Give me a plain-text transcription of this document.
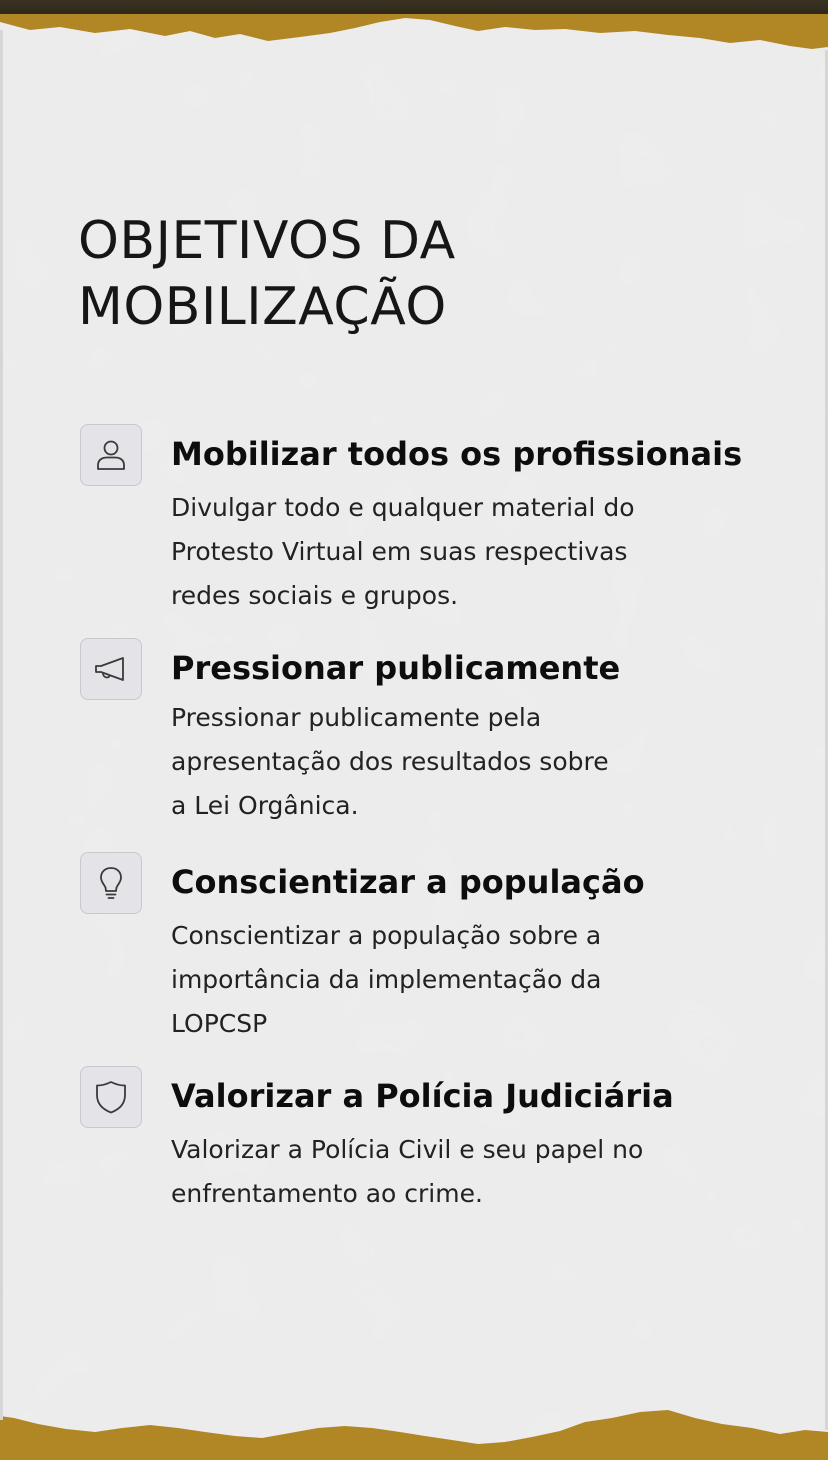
OBJETIVOS DA
MOBILIZAÇÃO
Mobilizar todos os profissionais

Divulgar todo e qualquer material do
Protesto Virtual em suas respectivas
redes sociais e grupos.

Pressionar publicamente

Pressionar publicamente pela
apresentação dos resultados sobre
a Lei Orgânica.

Conscientizar a população

Conscientizar a população sobre a
importância da implementação da
LOPCSP

Valorizar a Polícia Judiciária

Valorizar a Polícia Civil e seu papel no
enfrentamento ao crime.
